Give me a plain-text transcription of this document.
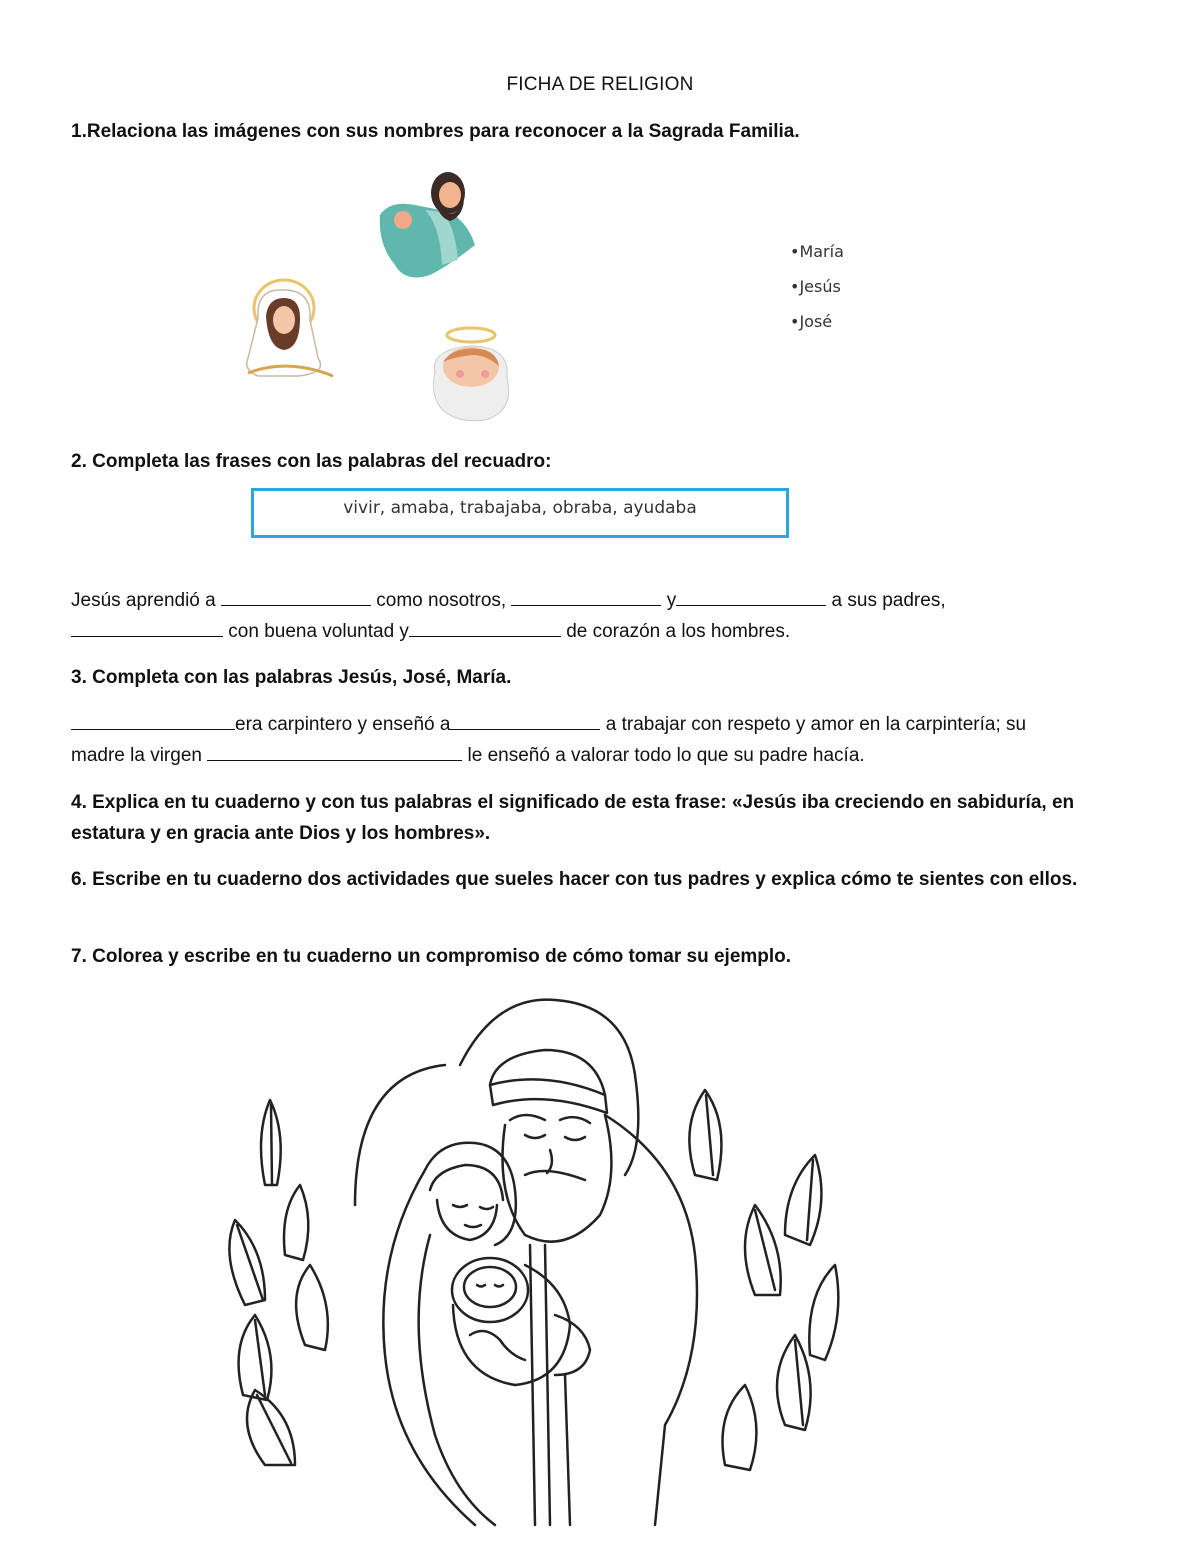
FICHA DE RELIGION
1.Relaciona las imágenes con sus nombres para reconocer a la Sagrada Familia.
•María
•Jesús
•José
2. Completa las frases con las palabras del recuadro:
vivir, amaba, trabajaba, obraba, ayudaba
Jesús aprendió a	como nosotros,	y	a sus padres,
con buena voluntad y	de corazón a los hombres.
3. Completa con las palabras Jesús, José, María.
era carpintero y enseñó a	a trabajar con respeto y amor en la carpintería; su
madre la virgen	le enseñó a valorar todo lo que su padre hacía.
4. Explica en tu cuaderno y con tus palabras el significado de esta frase: «Jesús iba creciendo en sabiduría, en estatura y en gracia ante Dios y los hombres».
6. Escribe en tu cuaderno dos actividades que sueles hacer con tus padres y explica cómo te sientes con ellos.
7. Colorea y escribe en tu cuaderno un compromiso de cómo tomar su ejemplo.
